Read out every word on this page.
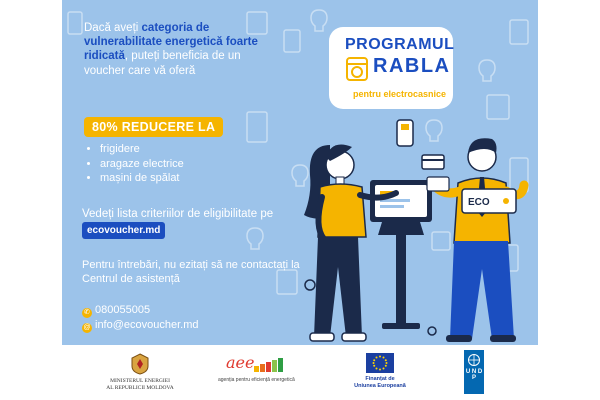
Dacă aveți categoria de vulnerabilitate energetică foarte ridicată, puteți beneficia de un voucher care vă oferă
80% REDUCERE LA
• frigidere
• aragaze electrice
• mașini de spălat
Vedeți lista criteriilor de eligibilitate pe ecovoucher.md
Pentru întrebări, nu ezitați să ne contactați la Centrul de asistență
✆ 080055005
@ info@ecovoucher.md
PROGRAMUL
RABLA
pentru electrocasnice
ECO
MINISTERUL ENERGIEI
AL REPUBLICII MOLDOVA
aee
agenția pentru eficiență energetică	Finanțat de
Uniunea Europeană
U N D P
